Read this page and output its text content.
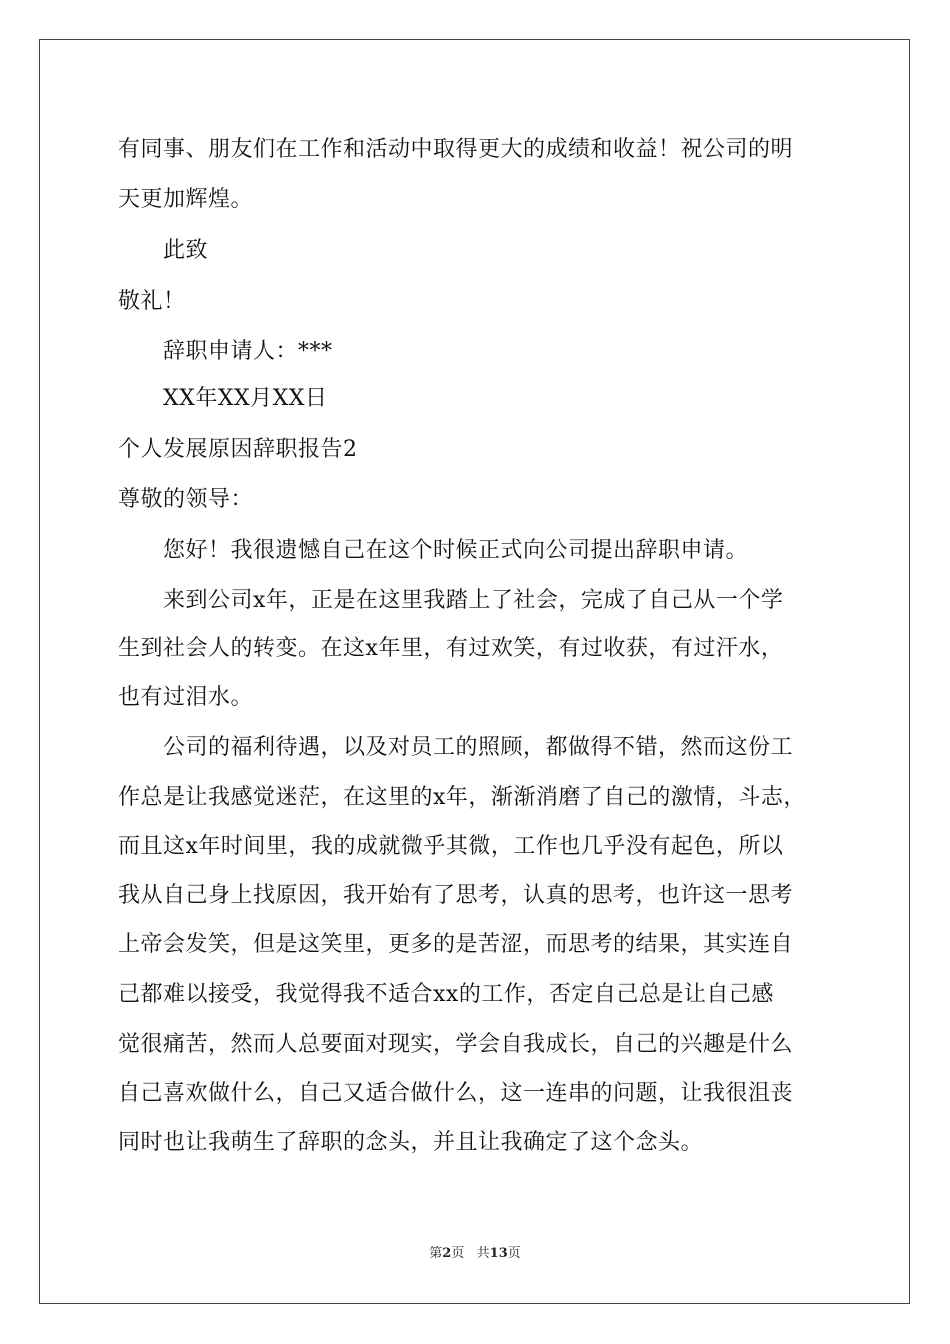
有同事、朋友们在工作和活动中取得更大的成绩和收益！祝公司的明
天更加辉煌。
此致
敬礼！
辞职申请人：***
XX年XX月XX日
个人发展原因辞职报告2
尊敬的领导：
您好！我很遗憾自己在这个时候正式向公司提出辞职申请。
来到公司x年，正是在这里我踏上了社会，完成了自己从一个学
生到社会人的转变。在这x年里，有过欢笑，有过收获，有过汗水，
也有过泪水。
公司的福利待遇，以及对员工的照顾，都做得不错，然而这份工
作总是让我感觉迷茫，在这里的x年，渐渐消磨了自己的激情，斗志，
而且这x年时间里，我的成就微乎其微，工作也几乎没有起色，所以
我从自己身上找原因，我开始有了思考，认真的思考，也许这一思考
上帝会发笑，但是这笑里，更多的是苦涩，而思考的结果，其实连自
己都难以接受，我觉得我不适合xx的工作，否定自己总是让自己感
觉很痛苦，然而人总要面对现实，学会自我成长，自己的兴趣是什么
自己喜欢做什么，自己又适合做什么，这一连串的问题，让我很沮丧
同时也让我萌生了辞职的念头，并且让我确定了这个念头。
第2页   共13页
